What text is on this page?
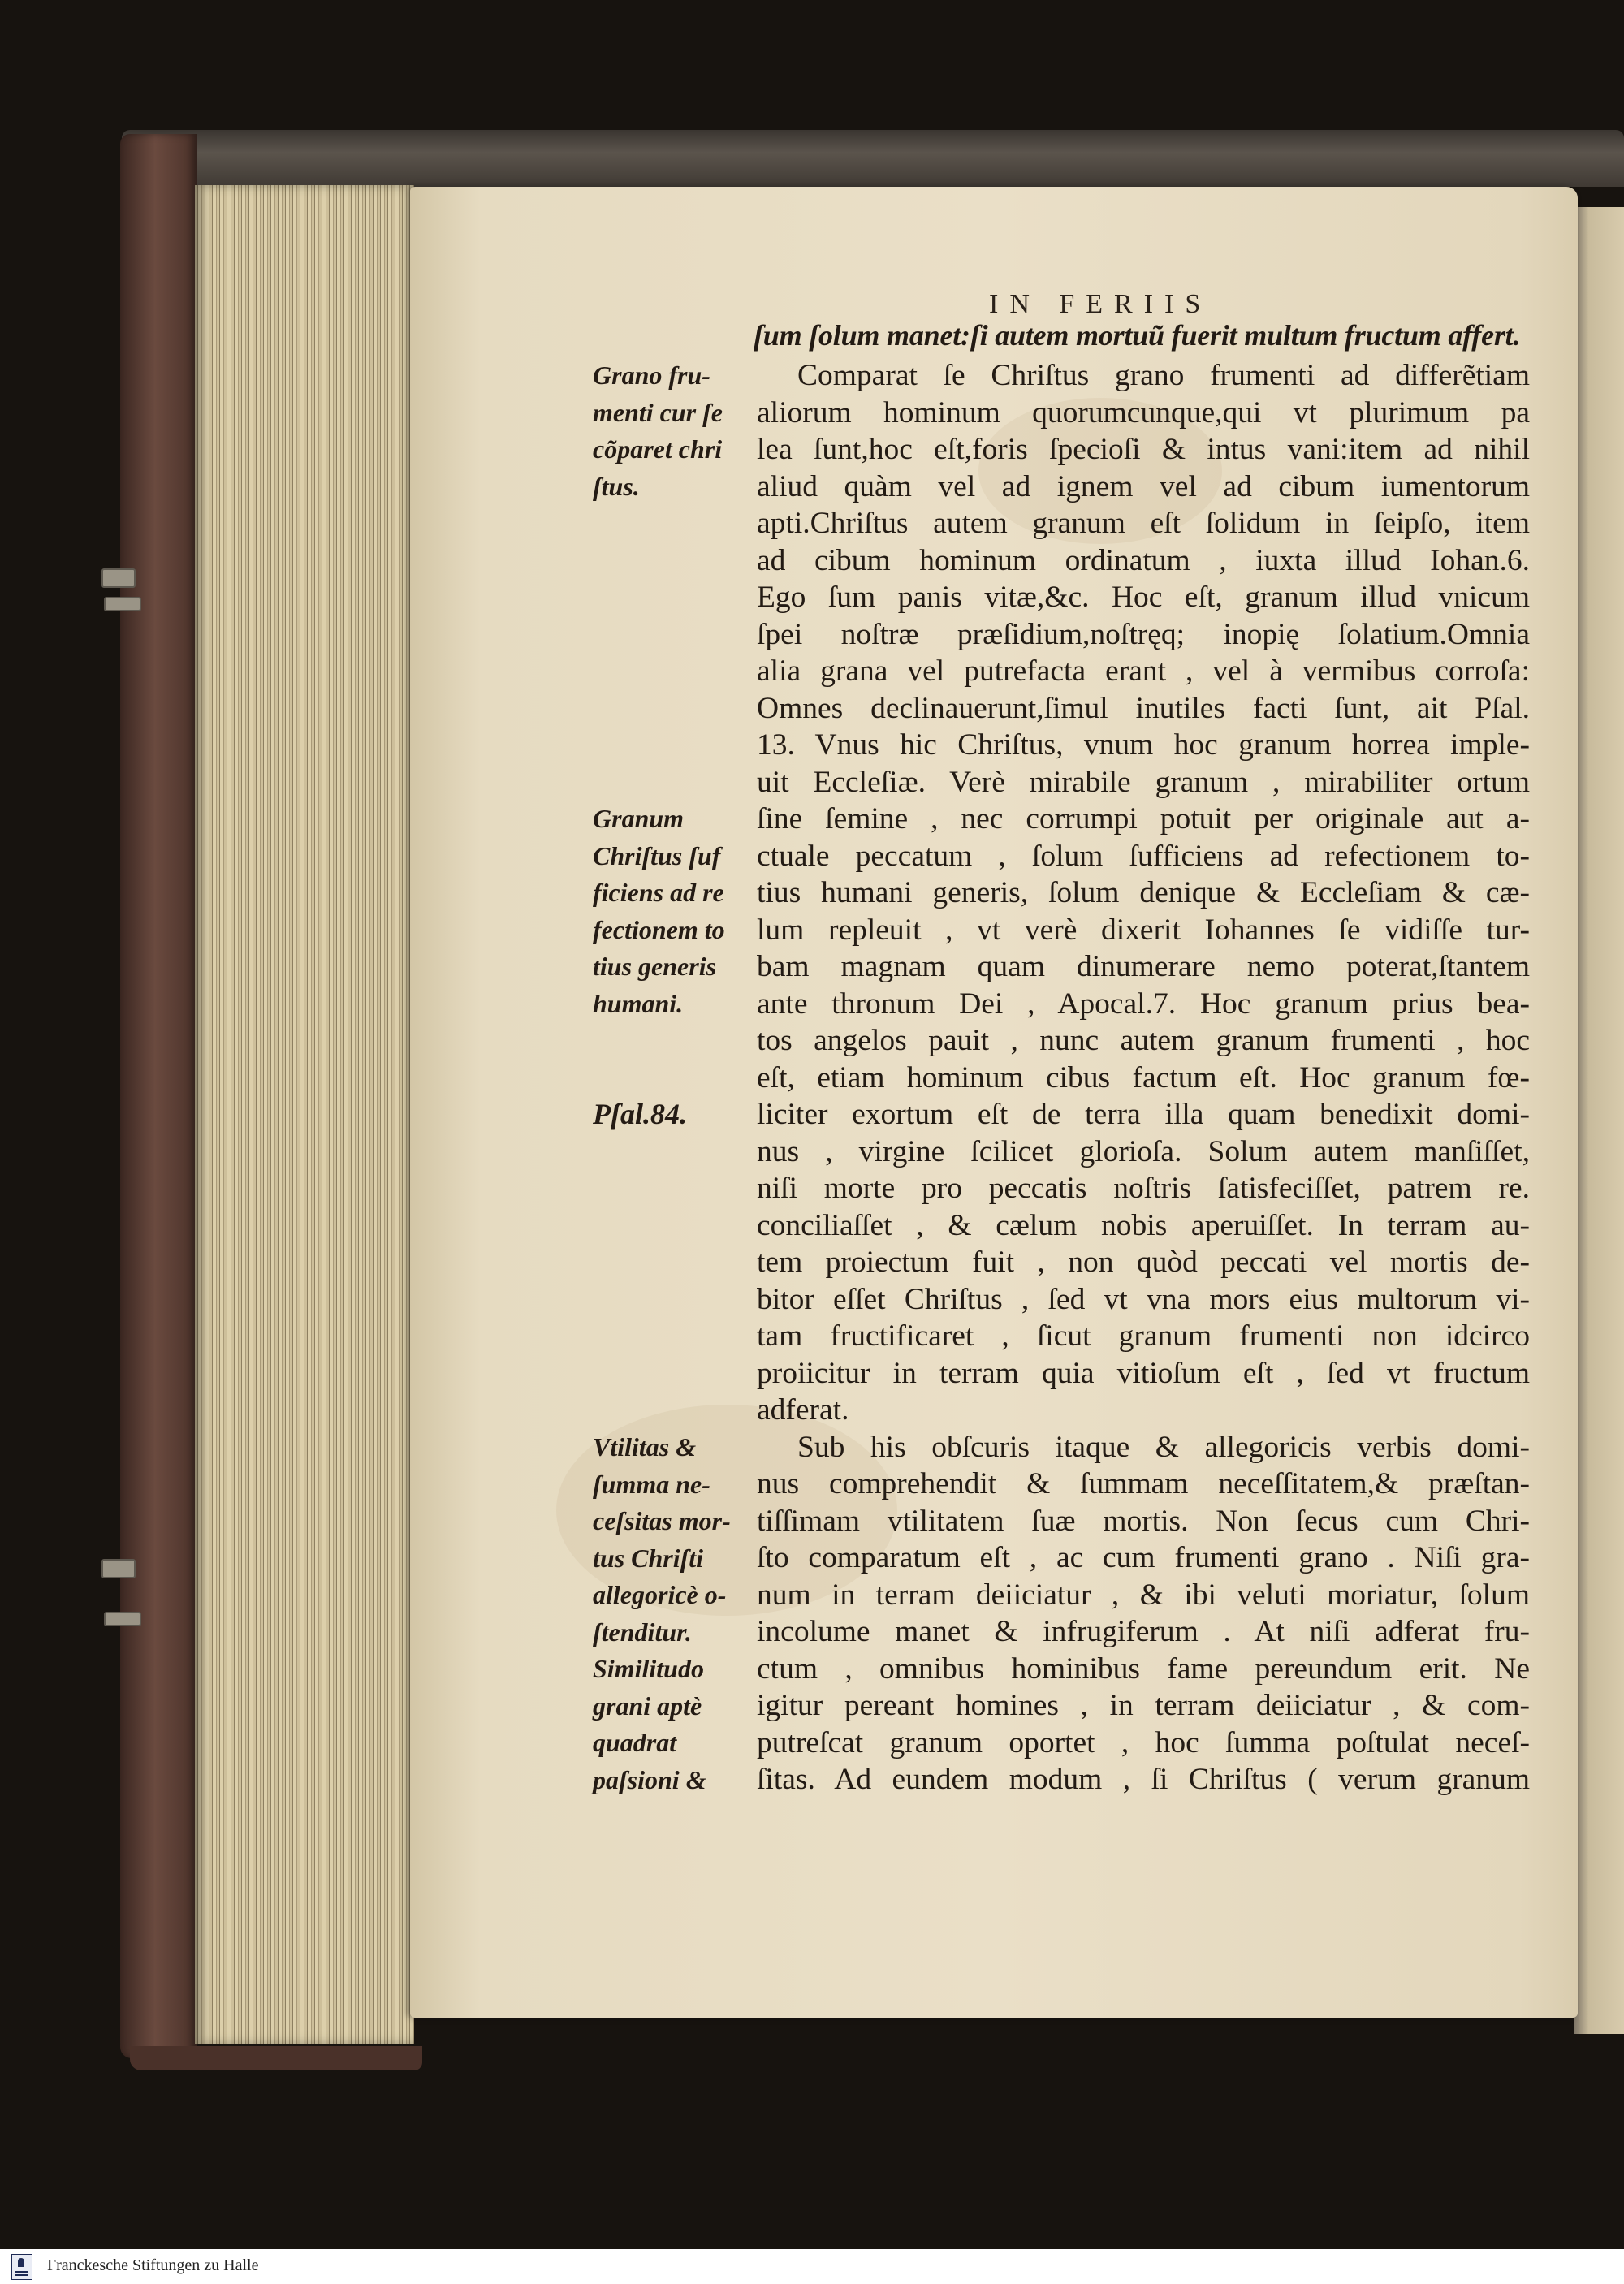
IN FERIIS
ſum ſolum manet:ſi autem mortuũ fuerit multum fructum affert.
Comparat ſe Chriſtus grano frumenti ad differẽtiam
aliorum hominum quorumcunque,qui vt plurimum pa
lea ſunt,hoc eſt,foris ſpecioſi & intus vani:item ad nihil
aliud quàm vel ad ignem vel ad cibum iumentorum
apti.Chriſtus autem granum eſt ſolidum in ſeipſo, item
ad cibum hominum ordinatum , iuxta illud Iohan.6.
Ego ſum panis vitæ,&c. Hoc eſt, granum illud vnicum
ſpei noſtræ præſidium,noſtręq; inopię ſolatium.Omnia
alia grana vel putrefacta erant , vel à vermibus corroſa:
Omnes declinauerunt,ſimul inutiles facti ſunt, ait Pſal.
13. Vnus hic Chriſtus, vnum hoc granum horrea imple-
uit Eccleſiæ. Verè mirabile granum , mirabiliter ortum
ſine ſemine , nec corrumpi potuit per originale aut a-
ctuale peccatum , ſolum ſufficiens ad refectionem to-
tius humani generis, ſolum denique & Eccleſiam & cæ-
lum repleuit , vt verè dixerit Iohannes ſe vidiſſe tur-
bam magnam quam dinumerare nemo poterat,ſtantem
ante thronum Dei , Apocal.7. Hoc granum prius bea-
tos angelos pauit , nunc autem granum frumenti , hoc
eſt, etiam hominum cibus factum eſt. Hoc granum fœ-
liciter exortum eſt de terra illa quam benedixit domi-
nus , virgine ſcilicet glorioſa. Solum autem manſiſſet,
niſi morte pro peccatis noſtris ſatisfeciſſet, patrem re.
conciliaſſet , & cælum nobis aperuiſſet. In terram au-
tem proiectum fuit , non quòd peccati vel mortis de-
bitor eſſet Chriſtus , ſed vt vna mors eius multorum vi-
tam fructificaret , ſicut granum frumenti non idcirco
proiicitur in terram quia vitioſum eſt , ſed vt fructum
adferat.
Sub his obſcuris itaque & allegoricis verbis domi-
nus comprehendit & ſummam neceſſitatem,& præſtan-
tiſſimam vtilitatem ſuæ mortis. Non ſecus cum Chri-
ſto comparatum eſt , ac cum frumenti grano . Niſi gra-
num in terram deiiciatur , & ibi veluti moriatur, ſolum
incolume manet & infrugiferum . At niſi adferat fru-
ctum , omnibus hominibus fame pereundum erit. Ne
igitur pereant homines , in terram deiiciatur , & com-
putreſcat granum oportet , hoc ſumma poſtulat neceſ-
ſitas. Ad eundem modum , ſi Chriſtus ( verum granum
Grano fru-
menti cur ſe
cõparet chri
ſtus.
Granum
Chriſtus ſuf
ficiens ad re
fectionem to
tius generis
humani.
Pſal.84.
Vtilitas &
ſumma ne-
ceſsitas mor-
tus Chriſti
allegoricè o-
ſtenditur.
Similitudo
grani aptè
quadrat
paſsioni &
Franckesche Stiftungen zu Halle
